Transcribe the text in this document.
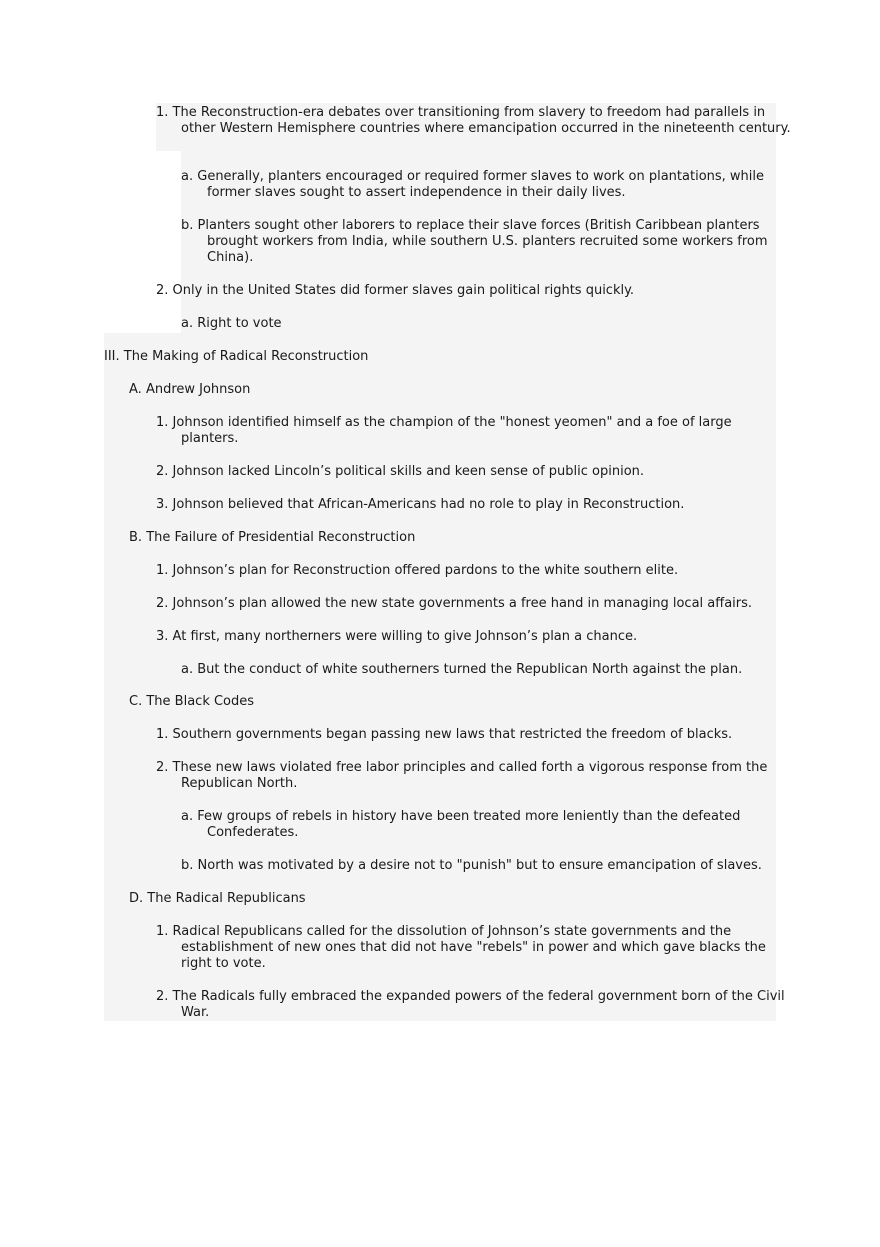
1. The Reconstruction-era debates over transitioning from slavery to freedom had parallels in other Western Hemisphere countries where emancipation occurred in the nineteenth century.

a. Generally, planters encouraged or required former slaves to work on plantations, while former slaves sought to assert independence in their daily lives.

b. Planters sought other laborers to replace their slave forces (British Caribbean planters brought workers from India, while southern U.S. planters recruited some workers from China).

2. Only in the United States did former slaves gain political rights quickly.

a. Right to vote

III. The Making of Radical Reconstruction

A. Andrew Johnson

1. Johnson identified himself as the champion of the "honest yeomen" and a foe of large planters.

2. Johnson lacked Lincoln’s political skills and keen sense of public opinion.

3. Johnson believed that African-Americans had no role to play in Reconstruction.

B. The Failure of Presidential Reconstruction

1. Johnson’s plan for Reconstruction offered pardons to the white southern elite.

2. Johnson’s plan allowed the new state governments a free hand in managing local affairs.

3. At first, many northerners were willing to give Johnson’s plan a chance.

a. But the conduct of white southerners turned the Republican North against the plan.

C. The Black Codes

1. Southern governments began passing new laws that restricted the freedom of blacks.

2. These new laws violated free labor principles and called forth a vigorous response from the Republican North.

a. Few groups of rebels in history have been treated more leniently than the defeated Confederates.

b. North was motivated by a desire not to "punish" but to ensure emancipation of slaves.

D. The Radical Republicans

1. Radical Republicans called for the dissolution of Johnson’s state governments and the establishment of new ones that did not have "rebels" in power and which gave blacks the right to vote.

2. The Radicals fully embraced the expanded powers of the federal government born of the Civil War.
